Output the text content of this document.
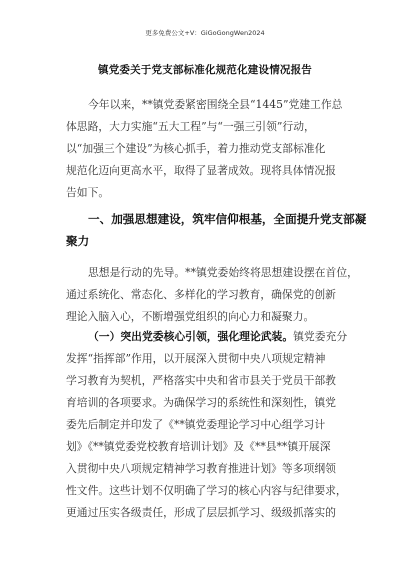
更多免费公文+V：GiGoGongWen2024
镇党委关于党支部标准化规范化建设情况报告
今年以来，**镇党委紧密围绕全县“1445”党建工作总
体思路，大力实施“五大工程”与“一强三引领”行动，
以“加强三个建设”为核心抓手，着力推动党支部标准化
规范化迈向更高水平，取得了显著成效。现将具体情况报
告如下。
一、加强思想建设，筑牢信仰根基，全面提升党支部凝
聚力
思想是行动的先导。**镇党委始终将思想建设摆在首位，
通过系统化、常态化、多样化的学习教育，确保党的创新
理论入脑入心，不断增强党组织的向心力和凝聚力。
（一）突出党委核心引领，强化理论武装。镇党委充分
发挥“指挥部”作用，以开展深入贯彻中央八项规定精神
学习教育为契机，严格落实中央和省市县关于党员干部教
育培训的各项要求。为确保学习的系统性和深刻性，镇党
委先后制定并印发了《**镇党委理论学习中心组学习计
划》《**镇党委党校教育培训计划》及《**县**镇开展深
入贯彻中央八项规定精神学习教育推进计划》等多项纲领
性文件。这些计划不仅明确了学习的核心内容与纪律要求，
更通过压实各级责任，形成了层层抓学习、级级抓落实的
